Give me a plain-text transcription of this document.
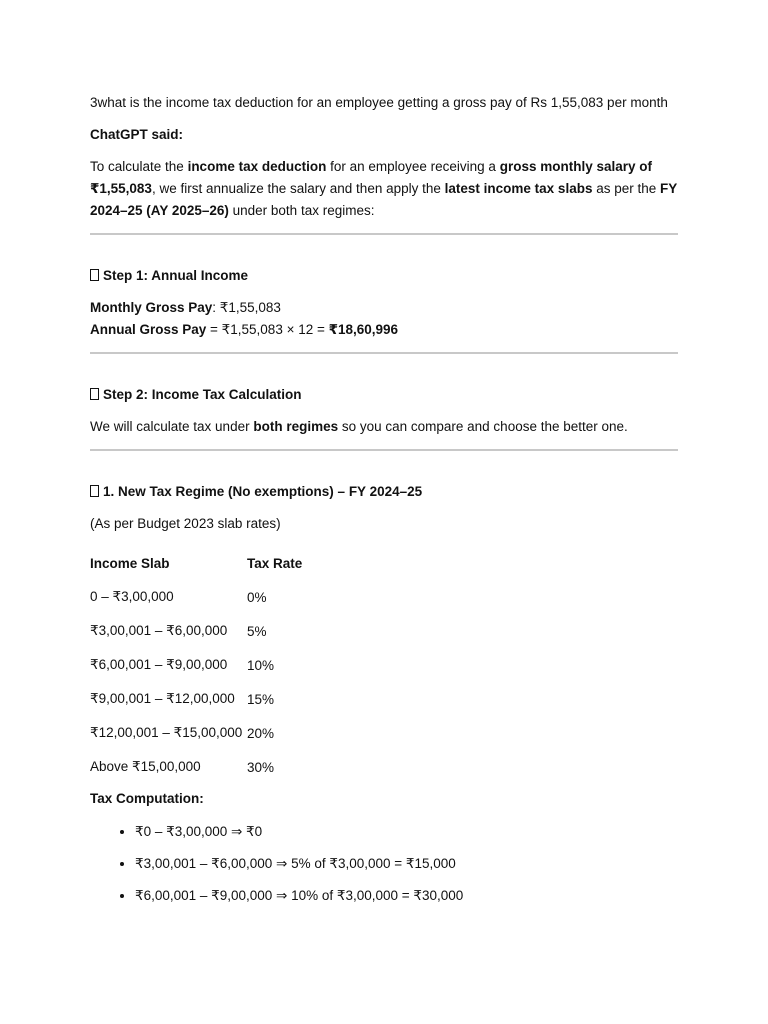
3what is the income tax deduction for an employee getting a gross pay of Rs 1,55,083 per month

ChatGPT said:

To calculate the income tax deduction for an employee receiving a gross monthly salary of ₹1,55,083, we first annualize the salary and then apply the latest income tax slabs as per the FY 2024–25 (AY 2025–26) under both tax regimes:

Step 1: Annual Income

Monthly Gross Pay: ₹1,55,083

Annual Gross Pay = ₹1,55,083 × 12 = ₹18,60,996

Step 2: Income Tax Calculation

We will calculate tax under both regimes so you can compare and choose the better one.

1. New Tax Regime (No exemptions) – FY 2024–25

(As per Budget 2023 slab rates)

Income Slab	Tax Rate
0 – ₹3,00,000	0%
₹3,00,001 – ₹6,00,000	5%
₹6,00,001 – ₹9,00,000	10%
₹9,00,001 – ₹12,00,000	15%
₹12,00,001 – ₹15,00,000	20%
Above ₹15,00,000	30%

Tax Computation:

• ₹0 – ₹3,00,000 ⇒ ₹0
• ₹3,00,001 – ₹6,00,000 ⇒ 5% of ₹3,00,000 = ₹15,000
• ₹6,00,001 – ₹9,00,000 ⇒ 10% of ₹3,00,000 = ₹30,000
